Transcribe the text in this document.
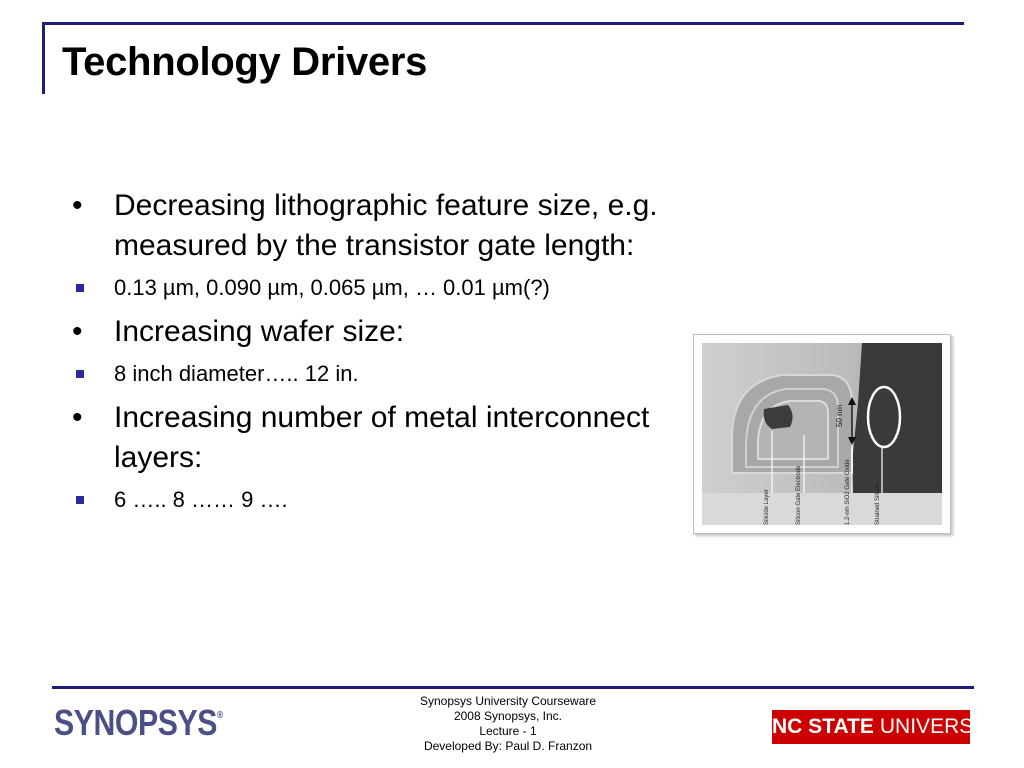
Technology Drivers
• Decreasing lithographic feature size, e.g. measured by the transistor gate length:
0.13 µm, 0.090 µm, 0.065 µm, … 0.01 µm(?)
• Increasing wafer size:
8 inch diameter….. 12 in.
• Increasing number of metal interconnect layers:
6 ….. 8 …… 9 ….
50 nm
Silicide Layer	Silicon Gate Electrode	1.2-nm SiO2 Gate Oxide	Strained Silicon
SYNOPSYS®
Synopsys University Courseware
2008 Synopsys, Inc.
Lecture - 1
Developed By: Paul D. Franzon
NC STATE UNIVERSITY
